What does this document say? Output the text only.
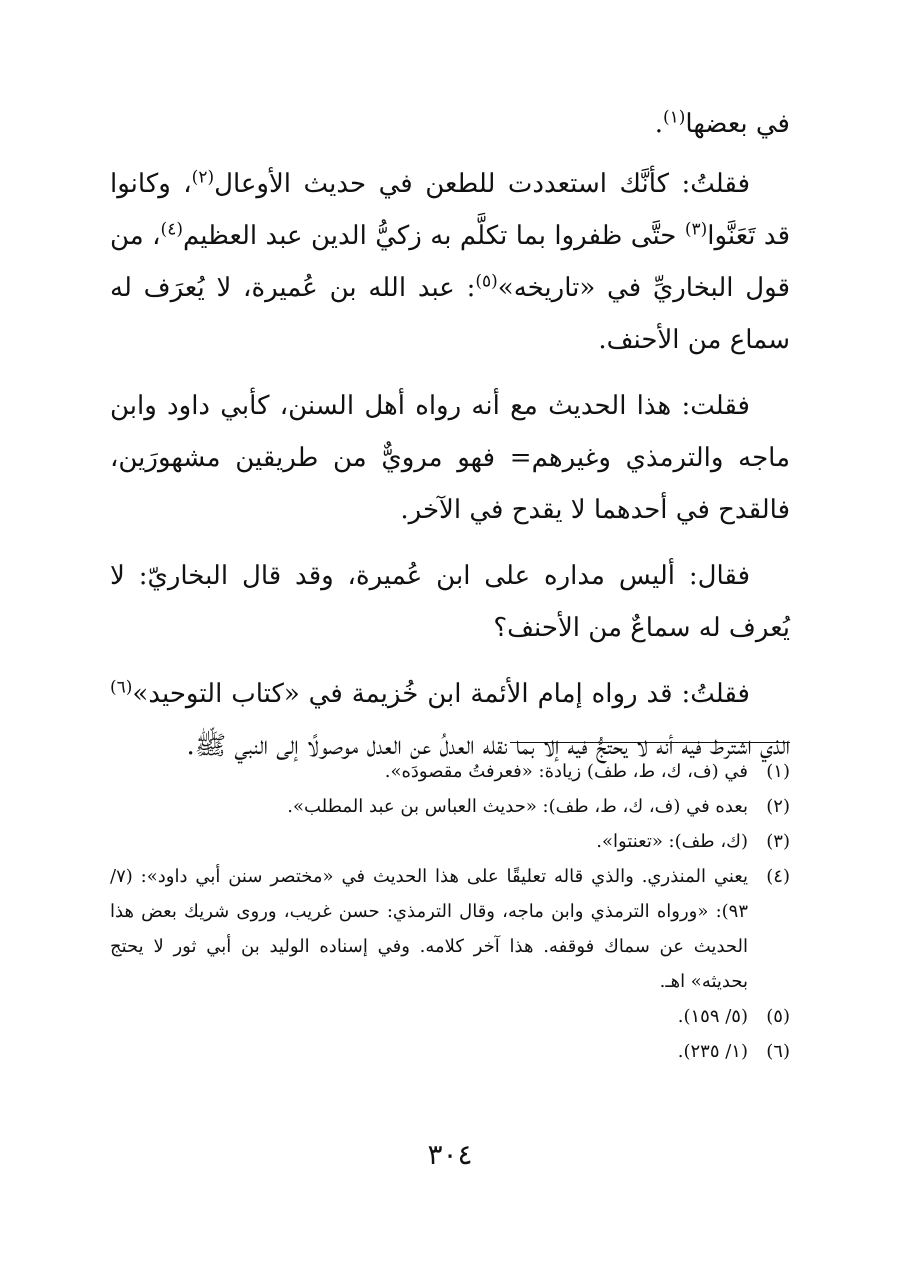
في بعضها$^{(١)}$.

فقلتُ: كأنَّك استعددت للطعن في حديث الأوعال$^{(٢)}$، وكانوا قد تَعَنَّوا$^{(٣)}$ حتَّى ظفروا بما تكلَّم به زكيُّ الدين عبد العظيم$^{(٤)}$، من قول البخاريِّ في «تاريخه»$^{(٥)}$: عبد الله بن عُميرة، لا يُعرَف له سماع من الأحنف.

فقلت: هذا الحديث مع أنه رواه أهل السنن، كأبي داود وابن ماجه والترمذي وغيرهم= فهو مرويٌّ من طريقين مشهورَين، فالقدح في أحدهما لا يقدح في الآخر.

فقال: أليس مداره على ابن عُميرة، وقد قال البخاريّ: لا يُعرف له سماعٌ من الأحنف؟

فقلتُ: قد رواه إمام الأئمة ابن خُزيمة في «كتاب التوحيد»$^{(٦)}$ الذي اشترط فيه أنه لا يحتجُّ فيه إلا بما نقله العدلُ عن العدل موصولًا إلى النبي ﷺ.

(١)
في (ف، ك، ط، طف) زيادة: «فعرفتُ مقصودَه».
(٢)
بعده في (ف، ك، ط، طف): «حديث العباس بن عبد المطلب».
(٣)
(ك، طف): «تعنتوا».
(٤)
يعني المنذري. والذي قاله تعليقًا على هذا الحديث في «مختصر سنن أبي داود»: (٧/ ٩٣): «ورواه الترمذي وابن ماجه، وقال الترمذي: حسن غريب، وروى شريك بعض هذا الحديث عن سماك فوقفه. هذا آخر كلامه. وفي إسناده الوليد بن أبي ثور لا يحتج بحديثه» اهـ.
(٥)
(٥/ ١٥٩).
(٦)
(١/ ٢٣٥).
٣٠٤
